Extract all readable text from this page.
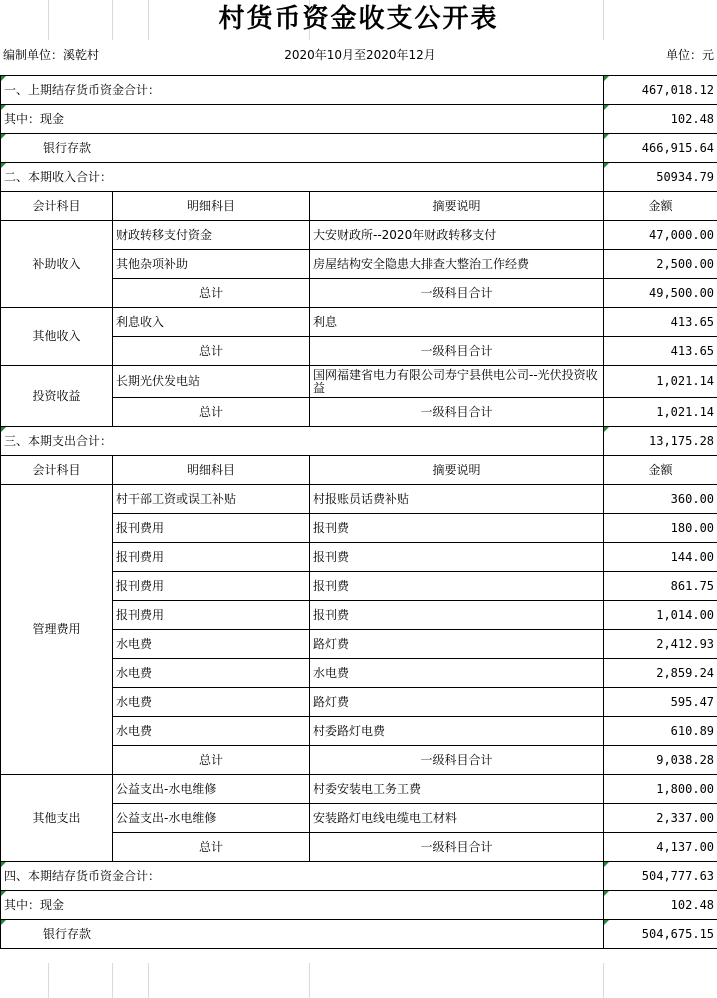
村货币资金收支公开表
编制单位：溪乾村	2020年10月至2020年12月	单位：元
一、上期结存货币资金合计：			467,018.12
其中：现金			102.48
银行存款			466,915.64
二、本期收入合计：			50934.79
会计科目	明细科目	摘要说明	金额
补助收入	财政转移支付资金	大安财政所--2020年财政转移支付	47,000.00
	其他杂项补助	房屋结构安全隐患大排查大整治工作经费	2,500.00
	总计	一级科目合计	49,500.00
其他收入	利息收入	利息	413.65
	总计	一级科目合计	413.65
投资收益	长期光伏发电站	国网福建省电力有限公司寿宁县供电公司--光伏投资收益	1,021.14
	总计	一级科目合计	1,021.14
三、本期支出合计：			13,175.28
会计科目	明细科目	摘要说明	金额
管理费用	村干部工资或误工补贴	村报账员话费补贴	360.00
	报刊费用	报刊费	180.00
	报刊费用	报刊费	144.00
	报刊费用	报刊费	861.75
	报刊费用	报刊费	1,014.00
	水电费	路灯费	2,412.93
	水电费	水电费	2,859.24
	水电费	路灯费	595.47
	水电费	村委路灯电费	610.89
	总计	一级科目合计	9,038.28
其他支出	公益支出-水电维修	村委安装电工务工费	1,800.00
	公益支出-水电维修	安装路灯电线电缆电工材料	2,337.00
	总计	一级科目合计	4,137.00
四、本期结存货币资金合计：			504,777.63
其中：现金			102.48
银行存款			504,675.15
